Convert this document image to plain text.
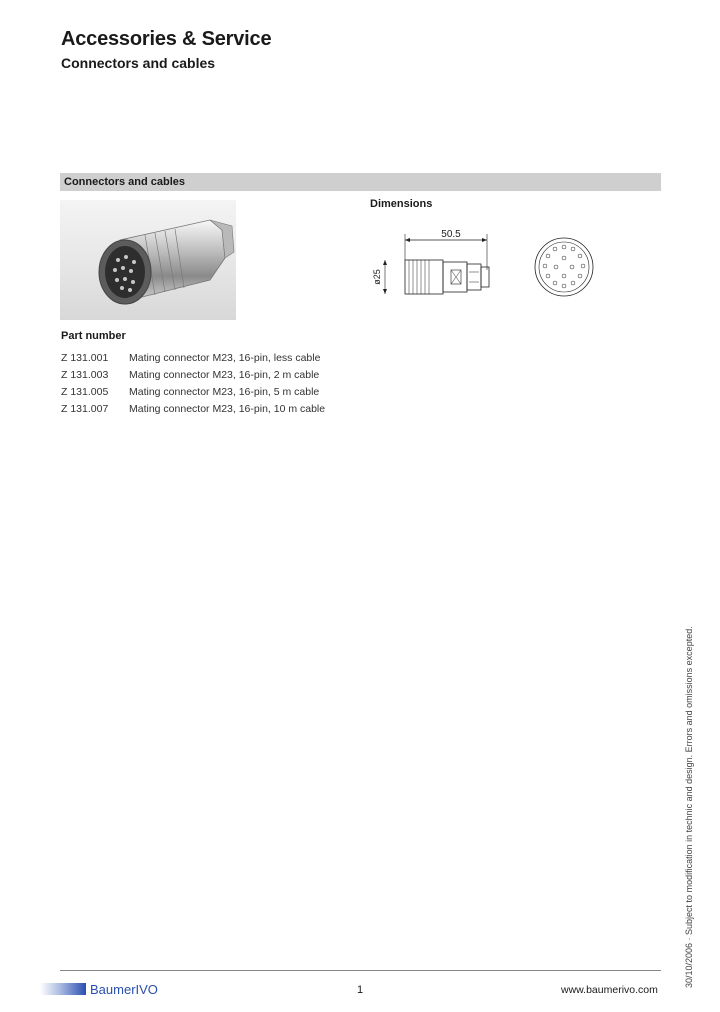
Accessories & Service
Connectors and cables
Connectors and cables
Dimensions
50.5
ø25
Part number
Z 131.001 Mating connector M23, 16-pin, less cable
Z 131.003 Mating connector M23, 16-pin, 2 m cable
Z 131.005 Mating connector M23, 16-pin, 5 m cable
Z 131.007 Mating connector M23, 16-pin, 10 m cable
30/10/2006 · Subject to modification in technic and design. Errors and omissions excepted.
BaumerIVO	1	www.baumerivo.com
